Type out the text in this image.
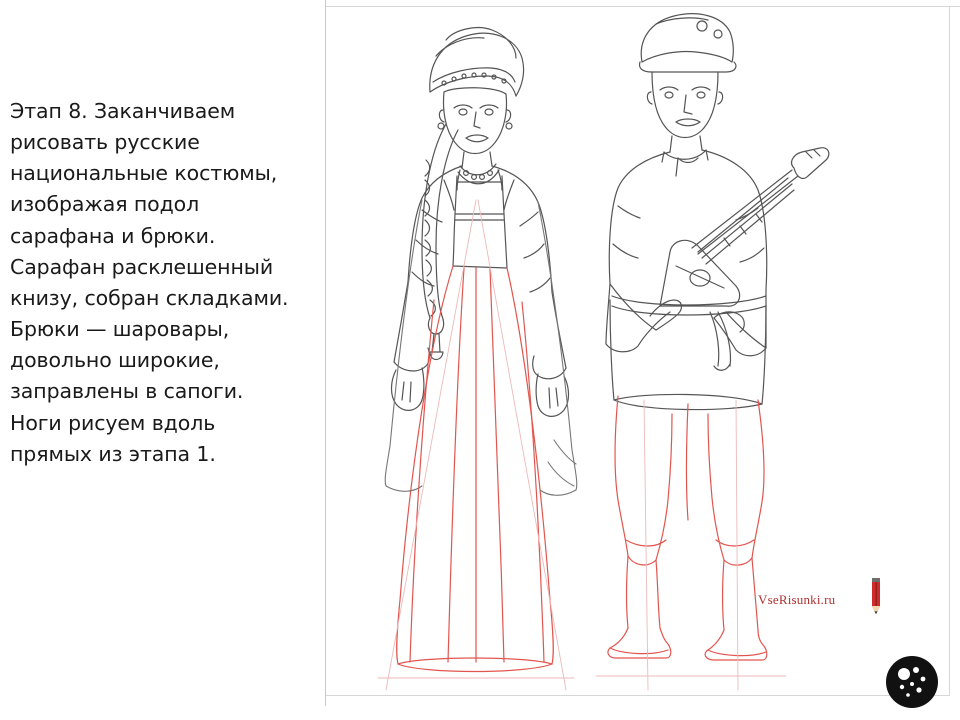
Этап 8. Заканчиваем рисовать русские национальные костюмы, изображая подол сарафана и брюки. Сарафан расклешенный книзу, собран складками. Брюки — шаровары, довольно широкие, заправлены в сапоги. Ноги рисуем вдоль прямых из этапа 1.
VseRisunki.ru
